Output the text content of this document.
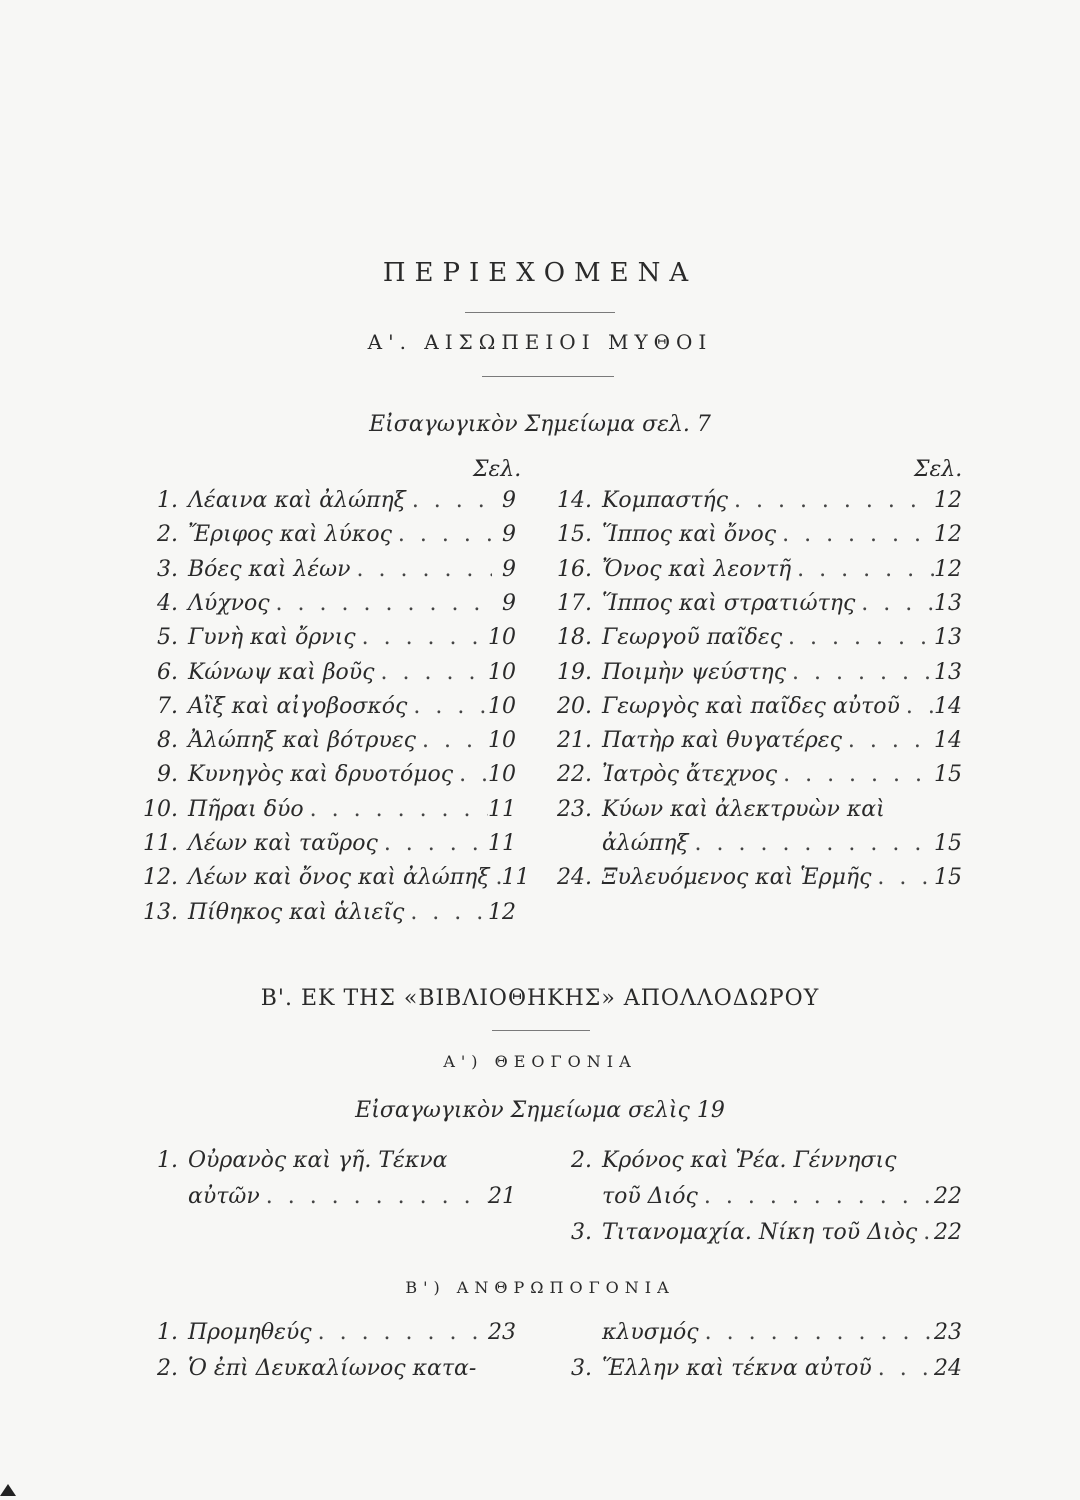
ΠΕΡΙΕΧΟΜΕΝΑ
Α'. ΑΙΣΩΠΕΙΟΙ ΜΥΘΟΙ
Εἰσαγωγικὸν Σημείωμα σελ. 7
Σελ.	Σελ.
1. Λέαινα καὶ ἀλώπηξ . . .	9
2. Ἔριφος καὶ λύκος . . .	9
3. Βόες καὶ λέων . . .	9
4. Λύχνος . . .	9
5. Γυνὴ καὶ ὄρνις . . .	10
6. Κώνωψ καὶ βοῦς . . .	10
7. Αἲξ καὶ αἰγοβοσκός . . .	10
8. Ἀλώπηξ καὶ βότρυες . . .	10
9. Κυνηγὸς καὶ δρυοτόμος . . . 10
10. Πῆραι δύο . . .	11
11. Λέων καὶ ταῦρος . . .	11
12. Λέων καὶ ὄνος καὶ ἀλώπηξ . . . 11
13. Πίθηκος καὶ ἁλιεῖς . . .	12
14. Κομπαστής . . .	12
15. Ἵππος καὶ ὄνος . . .	12
16. Ὄνος καὶ λεοντῆ . . .	12
17. Ἵππος καὶ στρατιώτης . . .	13
18. Γεωργοῦ παῖδες . . .	13
19. Ποιμὴν ψεύστης . . .	13
20. Γεωργὸς καὶ παῖδες αὐτοῦ . . . 14
21. Πατὴρ καὶ θυγατέρες . . .	14
22. Ἰατρὸς ἄτεχνος . . .	15
23. Κύων καὶ ἀλεκτρυὼν καὶ
ἀλώπηξ . . .	15
24. Ξυλευόμενος καὶ Ἑρμῆς . . .	15
Β'. ΕΚ ΤΗΣ «ΒΙΒΛΙΟΘΗΚΗΣ» ΑΠΟΛΛΟΔΩΡΟΥ
Α') ΘΕΟΓΟΝΙΑ
Εἰσαγωγικὸν Σημείωμα σελὶς 19
1. Οὐρανὸς καὶ γῆ. Τέκνα
αὐτῶν . . .	21
2. Κρόνος καὶ Ῥέα. Γέννησις
τοῦ Διός . . .	22
3. Τιτανομαχία. Νίκη τοῦ Διὸς . . . 22
Β') ΑΝΘΡΩΠΟΓΟΝΙΑ
1. Προμηθεύς . . .	23
2. Ὁ ἐπὶ Δευκαλίωνος κατα-
κλυσμός . . .	23
3. Ἕλλην καὶ τέκνα αὐτοῦ . . .	24
